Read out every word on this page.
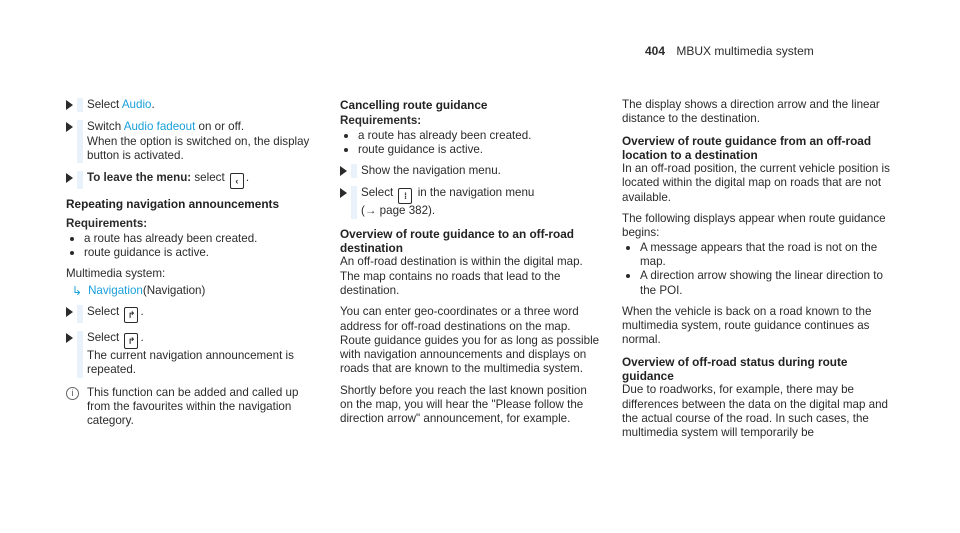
404 MBUX multimedia system
Select Audio.
Switch Audio fadeout on or off.

When the option is switched on, the display button is activated.

To leave the menu: select ‹ .
Repeating navigation announcements
Requirements:
a route has already been created.
route guidance is active.

Multimedia system:

↳ Navigation (Navigation)
Select ↱ .
Select ↱ .

The current navigation announcement is repeated.

i	This function can be added and called up from the favourites within the navigation category.

Cancelling route guidance
Requirements:
a route has already been created.
route guidance is active.
Show the navigation menu.
Select ⁞ in the navigation menu

(→ page 382).

Overview of route guidance to an off-road destination

An off-road destination is within the digital map. The map contains no roads that lead to the destination.

You can enter geo-coordinates or a three word address for off-road destinations on the map. Route guidance guides you for as long as possible with navigation announcements and displays on roads that are known to the multimedia system.

Shortly before you reach the last known position on the map, you will hear the "Please follow the direction arrow" announcement, for example.

The display shows a direction arrow and the linear distance to the destination.

Overview of route guidance from an off-road location to a destination

In an off-road position, the current vehicle position is located within the digital map on roads that are not available.

The following displays appear when route guidance begins:

A message appears that the road is not on the map.
A direction arrow showing the linear direction to the POI.

When the vehicle is back on a road known to the multimedia system, route guidance continues as normal.

Overview of off-road status during route guidance

Due to roadworks, for example, there may be differences between the data on the digital map and the actual course of the road. In such cases, the multimedia system will temporarily be
